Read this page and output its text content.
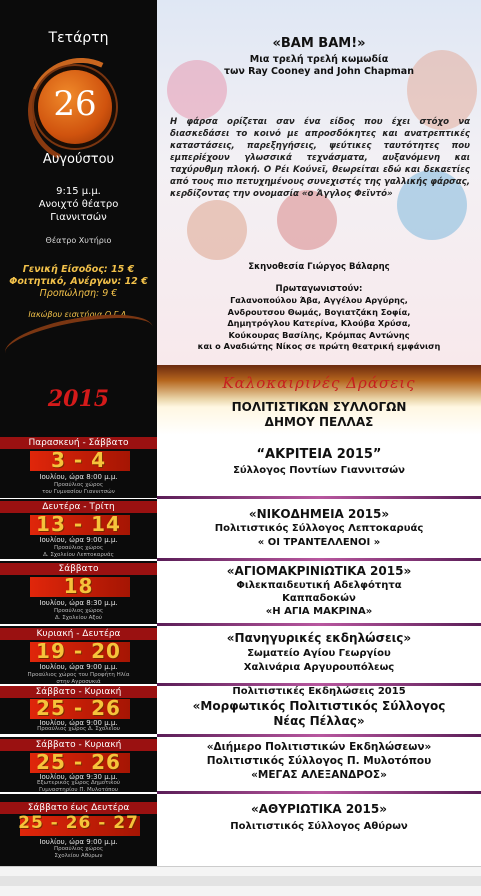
Τετάρτη
26
Αυγούστου
9:15 μ.μ.
Ανοιχτό θέατρο
Γιαννιτσών
Θέατρο Χυτήριο
Γενική Είσοδος: 15 €
Φοιτητικό, Ανέργων: 12 €
Προπώληση: 9 €
Ιακώβου εισιτήρια Ο.Γ.Α.
«BAM BAM!»
Μια τρελή τρελή κωμωδία
των Ray Cooney and John Chapman
Η φάρσα ορίζεται σαν ένα είδος που έχει στόχο να διασκεδάσει το κοινό με απροσδόκητες και ανατρεπτικές καταστάσεις, παρεξηγήσεις, ψεύτικες ταυτότητες που εμπερiέχουν γλωσσικά τεχνάσματα, αυξανόμενη και ταχύρυθμη πλοκή. Ο Ρέι Κούνεϊ, θεωρείται εδώ και δεκαετίες από τους πιο πετυχημένους συνεχιστές της γαλλικής φάρσας, κερδίζοντας την ονομασία «ο Άγγλος Φεϊντό»
Σκηνοθεσία Γιώργος Βάλαρης
Πρωταγωνιστούν:
Γαλανοπούλου Άβα, Αγγέλου Αργύρης,
Ανδρουτσου Θωμάς, Βογιατζάκη Σοφία,
Δημητρόγλου Κατερίνα, Κλούβα Χρύσα,
Κούκουρας Βασίλης, Κρόμπας Αντώνης
και ο Αναδιώτης Νίκος σε πρώτη θεατρική εμφάνιση
2015
Καλοκαιρινές Δράσεις
ΠΟΛΙΤΙΣΤΙΚΩΝ ΣΥΛΛΟΓΩΝ
ΔΗΜΟΥ ΠΕΛΛΑΣ
Παρασκευή - Σάββατο
3 - 4
Ιουλίου, ώρα 8:00 μ.μ.
Προαύλιος χώρος
του Γυμνασίου Γιαννιτσών
“ΑΚΡΙΤΕΙΑ 2015”
Σύλλογος Ποντίων Γιαννιτσών
Δευτέρα - Τρίτη
13 - 14
Ιουλίου, ώρα 9:00 μ.μ.
Προαύλιος χώρος
Δ. Σχολείου Λεπτοκαρυάς
«ΝΙΚΟΔΗΜΕΙΑ 2015»
Πολιτιστικός Σύλλογος Λεπτοκαρυάς
« ΟΙ ΤΡΑΝΤΕΛΛΕΝΟΙ »
Σάββατο
18
Ιουλίου, ώρα 8:30 μ.μ.
Προαύλιος χώρος
Δ. Σχολείου Αξού
«ΑΓΙΟΜΑΚΡΙΝΙΩΤΙΚΑ 2015»
Φιλεκπαιδευτική Αδελφότητα
Καππαδοκών
«Η ΑΓΙΑ ΜΑΚΡΙΝΑ»
Κυριακή - Δευτέρα
19 - 20
Ιουλίου, ώρα 9:00 μ.μ.
Προαύλιος χώρος του Προφήτη Ηλία
στην Αγροσυκιά
«Πανηγυρικές εκδηλώσεις»
Σωματείο Αγίου Γεωργίου
Χαλινάρια Αργυρουπόλεως
Σάββατο - Κυριακή
25 - 26
Ιουλίου, ώρα 9:00 μ.μ.
Προαύλιος χώρος Δ. Σχολείου
Πολιτιστικές Εκδηλώσεις 2015
«Μορφωτικός Πολιτιστικός Σύλλογος
Νέας Πέλλας»
Σάββατο - Κυριακή
25 - 26
Ιουλίου, ώρα 9:30 μ.μ.
Εξωτερικός χώρος Δημοτικού
Γυμναστηρίου Π. Μυλοτόπου
«Διήμερο Πολιτιστικών Εκδηλώσεων»
Πολιτιστικός Σύλλογος Π. Μυλοτόπου
«ΜΕΓΑΣ ΑΛΕΞΑΝΔΡΟΣ»
Σάββατο έως Δευτέρα
25 - 26 - 27
Ιουλίου, ώρα 9:00 μ.μ.
Προαύλιος χώρος
Σχολείου Αθύρων
«ΑΘΥΡΙΩΤΙΚΑ 2015»
Πολιτιστικός Σύλλογος Αθύρων
